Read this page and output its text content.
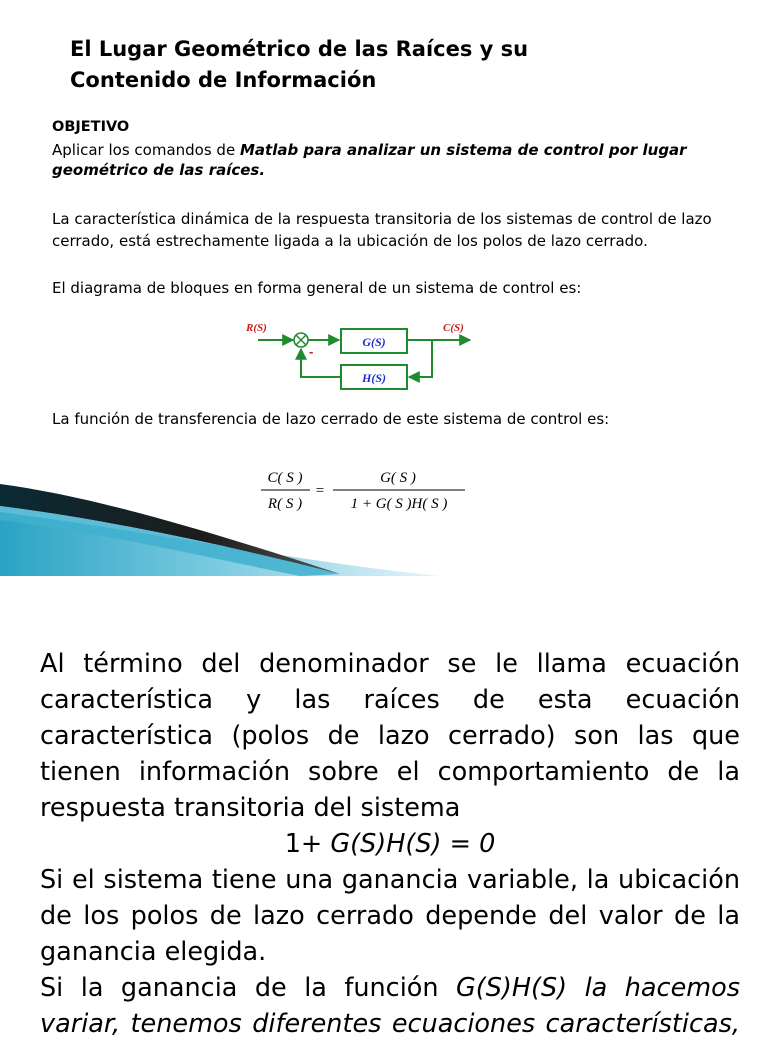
El Lugar Geométrico de las Raíces y su
Contenido de Información
OBJETIVO
Aplicar los comandos de Matlab para analizar un sistema de control por lugar geométrico de las raíces.
La característica dinámica de la respuesta transitoria de los sistemas de control de lazo cerrado, está estrechamente ligada a la ubicación de los polos de lazo cerrado.
El diagrama de bloques en forma general de un sistema de control es:
G(S)
H(S)
R(S)	C(S)
-
La función de transferencia de lazo cerrado de este sistema de control es:
C( S )
R( S )
=
G( S )
1 + G( S )H( S )

Al término del denominador se le llama ecuación característica y las raíces de esta ecuación característica (polos de lazo cerrado) son las que tienen información sobre el comportamiento de la respuesta transitoria del sistema

1+ G(S)H(S) = 0

Si el sistema tiene una ganancia variable, la ubicación de los polos de lazo cerrado depende del valor de la ganancia elegida.

Si la ganancia de la función G(S)H(S) la hacemos

variar, tenemos diferentes ecuaciones características,
